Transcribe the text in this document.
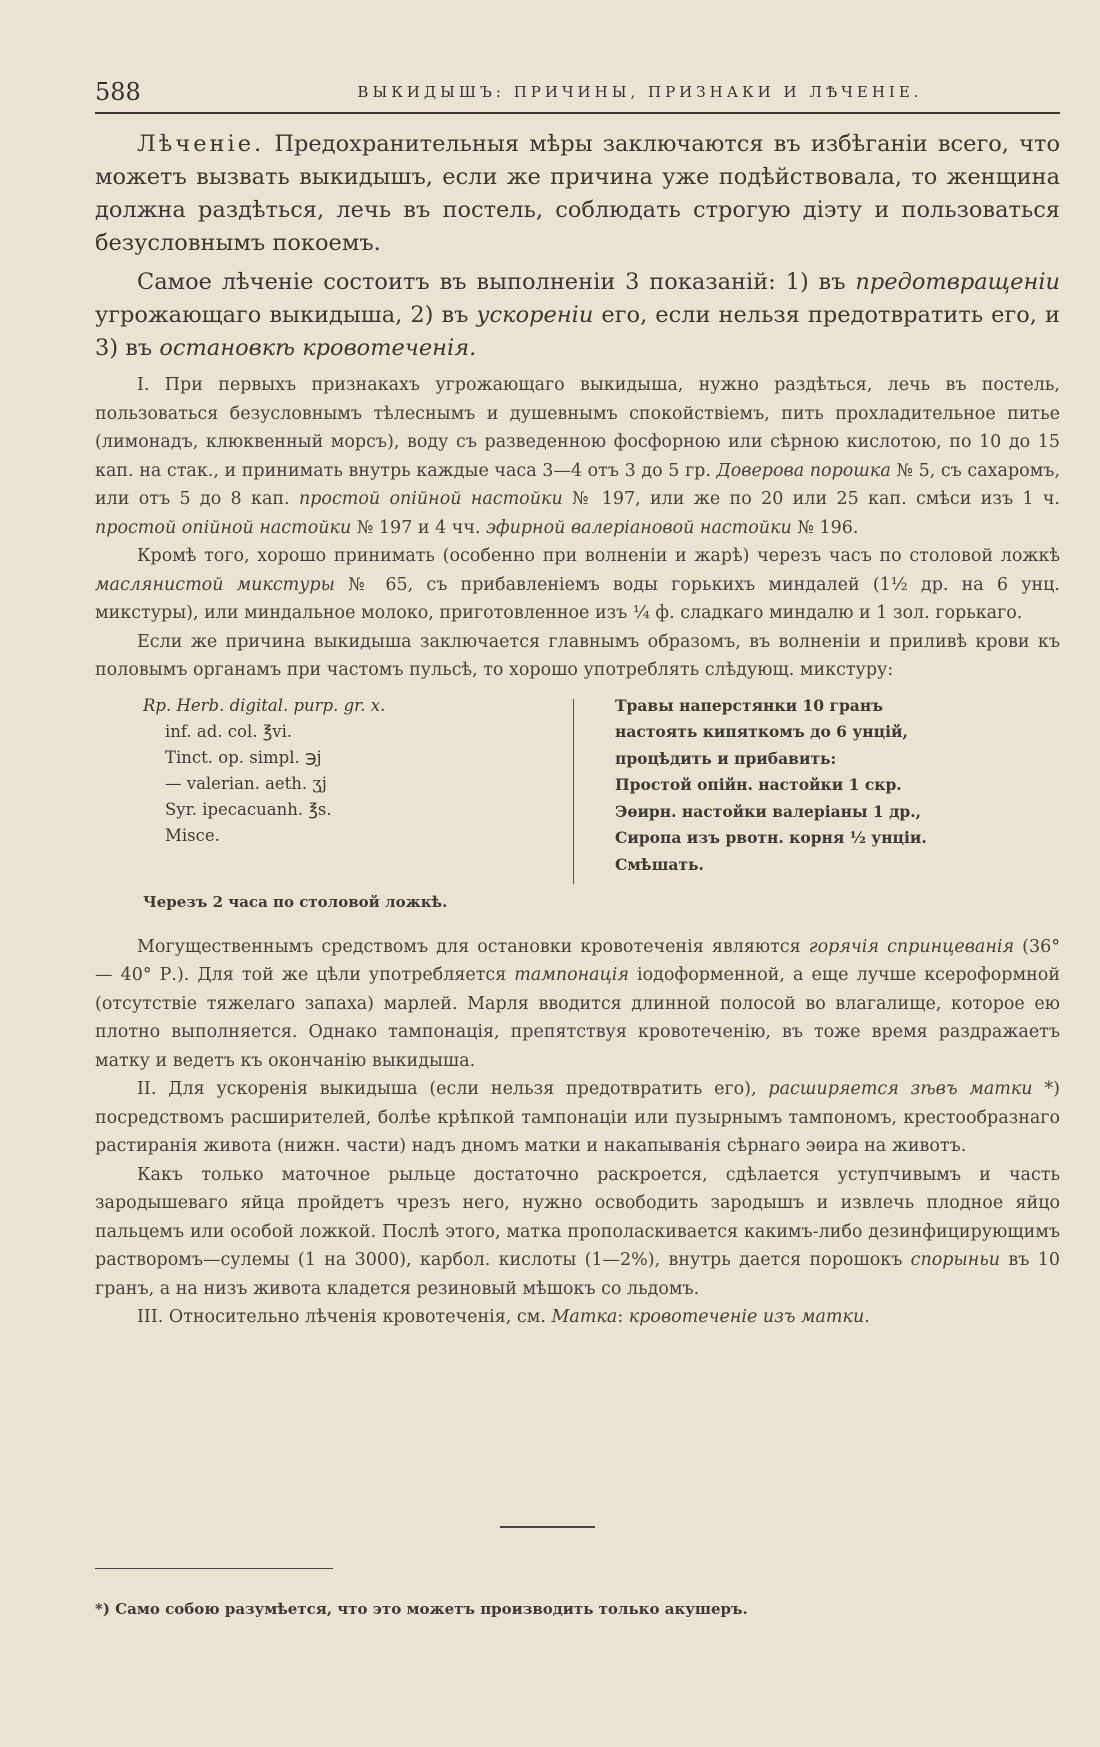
588	ВЫКИДЫШЪ: ПРИЧИНЫ, ПРИЗНАКИ И ЛѢЧЕНІЕ.

Лѣченіе. Предохранительныя мѣры заключаются въ избѣганіи всего, что можетъ вызвать выкидышъ, если же причина уже подѣйствовала, то женщина должна раздѣться, лечь въ постель, соблюдать строгую діэту и пользоваться безусловнымъ покоемъ.

Самое лѣченіе состоитъ въ выполненіи 3 показаній: 1) въ предотвращеніи угрожающаго выкидыша, 2) въ ускореніи его, если нельзя предотвратить его, и 3) въ остановкѣ кровотеченія.

I. При первыхъ признакахъ угрожающаго выкидыша, нужно раздѣться, лечь въ постель, пользоваться безусловнымъ тѣлеснымъ и душевнымъ спокойствіемъ, пить прохладительное питье (лимонадъ, клюквенный морсъ), воду съ разведенною фосфорною или сѣрною кислотою, по 10 до 15 кап. на стак., и принимать внутрь каждые часа 3—4 отъ 3 до 5 гр. Доверова порошка № 5, съ сахаромъ, или отъ 5 до 8 кап. простой опійной настойки № 197, или же по 20 или 25 кап. смѣси изъ 1 ч. простой опійной настойки № 197 и 4 чч. эфирной валеріановой настойки № 196.

Кромѣ того, хорошо принимать (особенно при волненіи и жарѣ) черезъ часъ по столовой ложкѣ маслянистой микстуры № 65, съ прибавленіемъ воды горькихъ миндалей (1½ др. на 6 унц. микстуры), или миндальное молоко, приготовленное изъ ¼ ф. сладкаго миндалю и 1 зол. горькаго.

Если же причина выкидыша заключается главнымъ образомъ, въ волненіи и приливѣ крови къ половымъ органамъ при частомъ пульсѣ, то хорошо употреблять слѣдующ. микстуру:

Rp. Herb. digital. purp. gr. x.
inf. ad. col. ℥vi.
Tinct. op. simpl. ℈j
— valerian. aeth. ʒj
Syr. ipecacuanh. ℥s.
Misce.
Травы наперстянки 10 гранъ
настоять кипяткомъ до 6 унцій,
процѣдить и прибавить:
Простой опійн. настойки 1 скр.
Эѳирн. настойки валеріаны 1 др.,
Сиропа изъ рвотн. корня ½ унціи.
Смѣшать.
Черезъ 2 часа по столовой ложкѣ.

Могущественнымъ средствомъ для остановки кровотеченія являются горячія спринцеванія (36° — 40° Р.). Для той же цѣли употребляется тампонація іодоформенной, а еще лучше ксероформной (отсутствіе тяжелаго запаха) марлей. Марля вводится длинной полосой во влагалище, которое ею плотно выполняется. Однако тампонація, препятствуя кровотеченію, въ тоже время раздражаетъ матку и ведетъ къ окончанію выкидыша.

II. Для ускоренія выкидыша (если нельзя предотвратить его), расширяется зѣвъ матки *) посредствомъ расширителей, болѣе крѣпкой тампонаціи или пузырнымъ тампономъ, крестообразнаго растиранія живота (нижн. части) надъ дномъ матки и накапыванія сѣрнаго эѳира на животъ.

Какъ только маточное рыльце достаточно раскроется, сдѣлается уступчивымъ и часть зародышеваго яйца пройдетъ чрезъ него, нужно освободить зародышъ и извлечь плодное яйцо пальцемъ или особой ложкой. Послѣ этого, матка прополаскивается какимъ-либо дезинфицирующимъ растворомъ—сулемы (1 на 3000), карбол. кислоты (1—2%), внутрь дается порошокъ спорыньи въ 10 гранъ, а на низъ живота кладется резиновый мѣшокъ со льдомъ.

III. Относительно лѣченія кровотеченія, см. Матка: кровотеченіе изъ матки.

*) Само собою разумѣется, что это можетъ производить только акушеръ.
